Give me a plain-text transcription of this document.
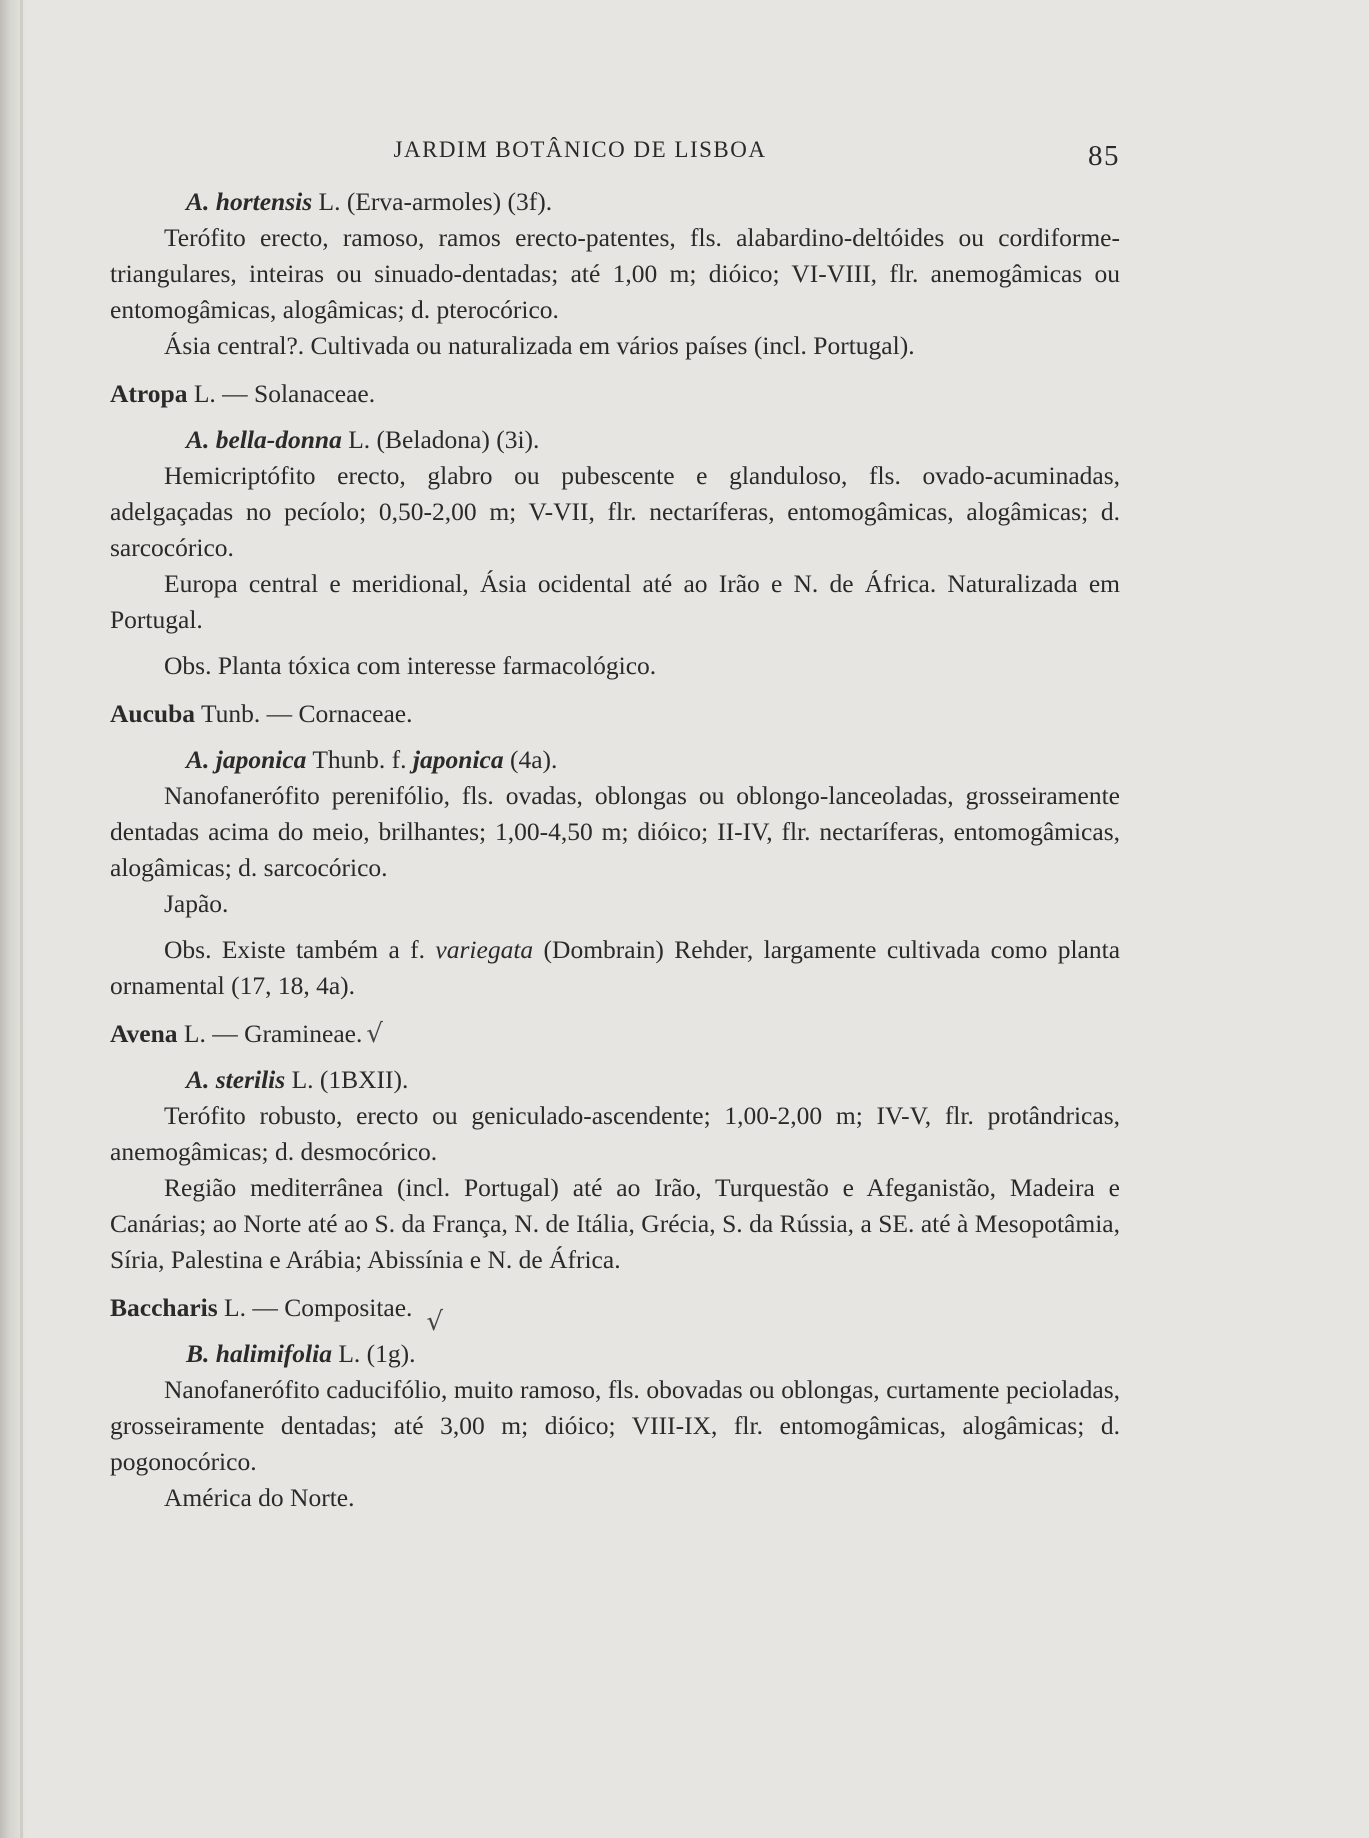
JARDIM BOTÂNICO DE LISBOA	85

A. hortensis L. (Erva-armoles) (3f).

Terófito erecto, ramoso, ramos erecto-patentes, fls. alabardino-deltóides ou cordiforme-triangulares, inteiras ou sinuado-dentadas; até 1,00 m; dióico; VI-VIII, flr. anemogâmicas ou entomogâmicas, alogâmicas; d. pterocórico.

Ásia central?. Cultivada ou naturalizada em vários países (incl. Portugal).

Atropa L. — Solanaceae.

A. bella-donna L. (Beladona) (3i).

Hemicriptófito erecto, glabro ou pubescente e glanduloso, fls. ovado-acuminadas, adelgaçadas no pecíolo; 0,50-2,00 m; V-VII, flr. nectaríferas, entomogâmicas, alogâmicas; d. sarcocórico.

Europa central e meridional, Ásia ocidental até ao Irão e N. de África. Naturalizada em Portugal.

Obs. Planta tóxica com interesse farmacológico.

Aucuba Tunb. — Cornaceae.

A. japonica Thunb. f. japonica (4a).

Nanofanerófito perenifólio, fls. ovadas, oblongas ou oblongo-lanceoladas, grosseiramente dentadas acima do meio, brilhantes; 1,00-4,50 m; dióico; II-IV, flr. nectaríferas, entomogâmicas, alogâmicas; d. sarcocórico.

Japão.

Obs. Existe também a f. variegata (Dombrain) Rehder, largamente cultivada como planta ornamental (17, 18, 4a).

Avena L. — Gramineae. √

A. sterilis L. (1BXII).

Terófito robusto, erecto ou geniculado-ascendente; 1,00-2,00 m; IV-V, flr. protândricas, anemogâmicas; d. desmocórico.

Região mediterrânea (incl. Portugal) até ao Irão, Turquestão e Afeganistão, Madeira e Canárias; ao Norte até ao S. da França, N. de Itália, Grécia, S. da Rússia, a SE. até à Mesopotâmia, Síria, Palestina e Arábia; Abissínia e N. de África.

Baccharis L. — Compositae. √

B. halimifolia L. (1g).

Nanofanerófito caducifólio, muito ramoso, fls. obovadas ou oblongas, curtamente pecioladas, grosseiramente dentadas; até 3,00 m; dióico; VIII-IX, flr. entomogâmicas, alogâmicas; d. pogonocórico.

América do Norte.
